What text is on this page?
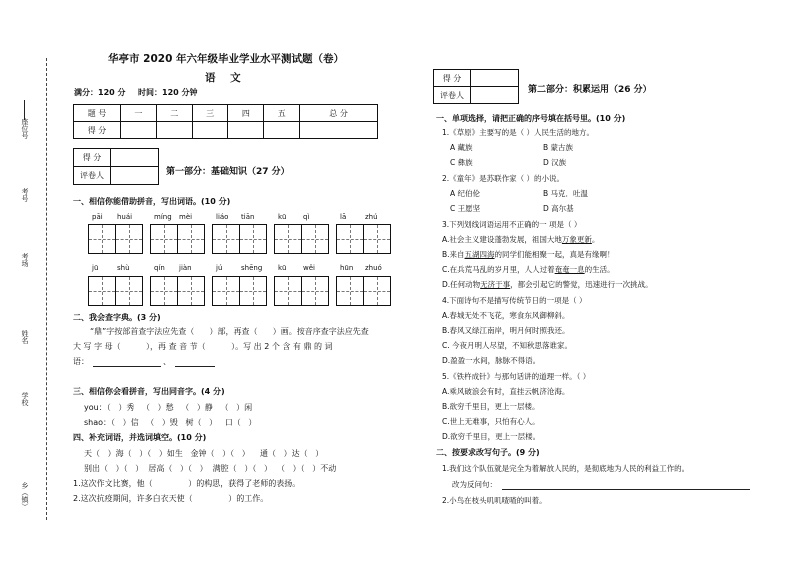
座位号
考号
考场
姓名
学校
乡（镇）
华亭市 2020 年六年级毕业学业水平测试题（卷）
语    文
满分：120 分 时间：120 分钟
题 号	一	二	三	四	五	总 分
得 分						
得 分	
评卷人		第一部分：基础知识（27 分）
一、相信你能借助拼音，写出词语。(10 分)
pāi huái	míng mèi	liáo tiān	kū qì	lā	zhú
jū	shù	qín jiàn	jú	shēng kū wěi	hūn zhuó
二、我会查字典。(3 分)
“鼎”字按部首查字法应先查（      ）部，再查（      ）画。按音序查字法应先查
大 写 字 母（          ），再 查 音 节（          ）。写 出 2 个 含 有 鼎 的 词
语：	、
三、相信你会看拼音，写出同音字。(4 分)
you：（   ）秀   （   ）愁   （   ）静   （   ）闲
shao：（   ）信   （   ）毁   树（   ）   口（   ）
四、补充词语，并选词填空。(10 分)
天（   ）海（   ）（   ）如生   金钟（   ）（   ）    通（   ）达（   ）
别出（   ）（   ）  居高（   ）（   ）  满腔（   ）（   ）  （   ）（   ）不动
1.这次作文比赛，他（              ）的构思，获得了老师的表扬。
2.这次抗疫期间，许多白衣天使（              ）的工作。
得 分	
评卷人		第二部分：积累运用（26 分）
一、单项选择，请把正确的序号填在括号里。(10 分)
1.《草原》主要写的是（ ）人民生活的地方。
A 藏族	B 蒙古族
C 彝族	D 汉族
2.《童年》是苏联作家（ ）的小说。
A 纪伯伦	B 马克．吐温
C 王愿坚	D 高尔基
3.下列划线词语运用不正确的一 项是（ ）
A.社会主义建设蓬勃发展，祖国大地万象更新。
B.来自五湖四海的同学们能相聚一起，真是有缘啊！
C.在兵荒马乱的岁月里，人人过着奄奄一息的生活。
D.任何动物无济于事，都会引起它的警觉，迅速进行一次挑战。
4.下面诗句不是描写传统节日的一项是（ ）
A.春城无处不飞花，寒食东风御柳斜。
B.春风又绿江南岸，明月何时照我还。
C. 今夜月明人尽望，不知秋思落谁家。
D.盈盈一水间，脉脉不得语。
5.《铁杵成针》与那句话讲的道理一样。（ ）
A.乘风破浪会有时，直挂云帆济沧海。
B.欲穷千里目，更上一层楼。
C.世上无难事，只怕有心人。
D.欲穷千里目，更上一层楼。
二、按要求改写句子。(9 分)
1.我们这个队伍就是完全为着解放人民的，是彻底地为人民的利益工作的。
改为反问句：
2.小鸟在枝头叽叽喳喳的叫着。
